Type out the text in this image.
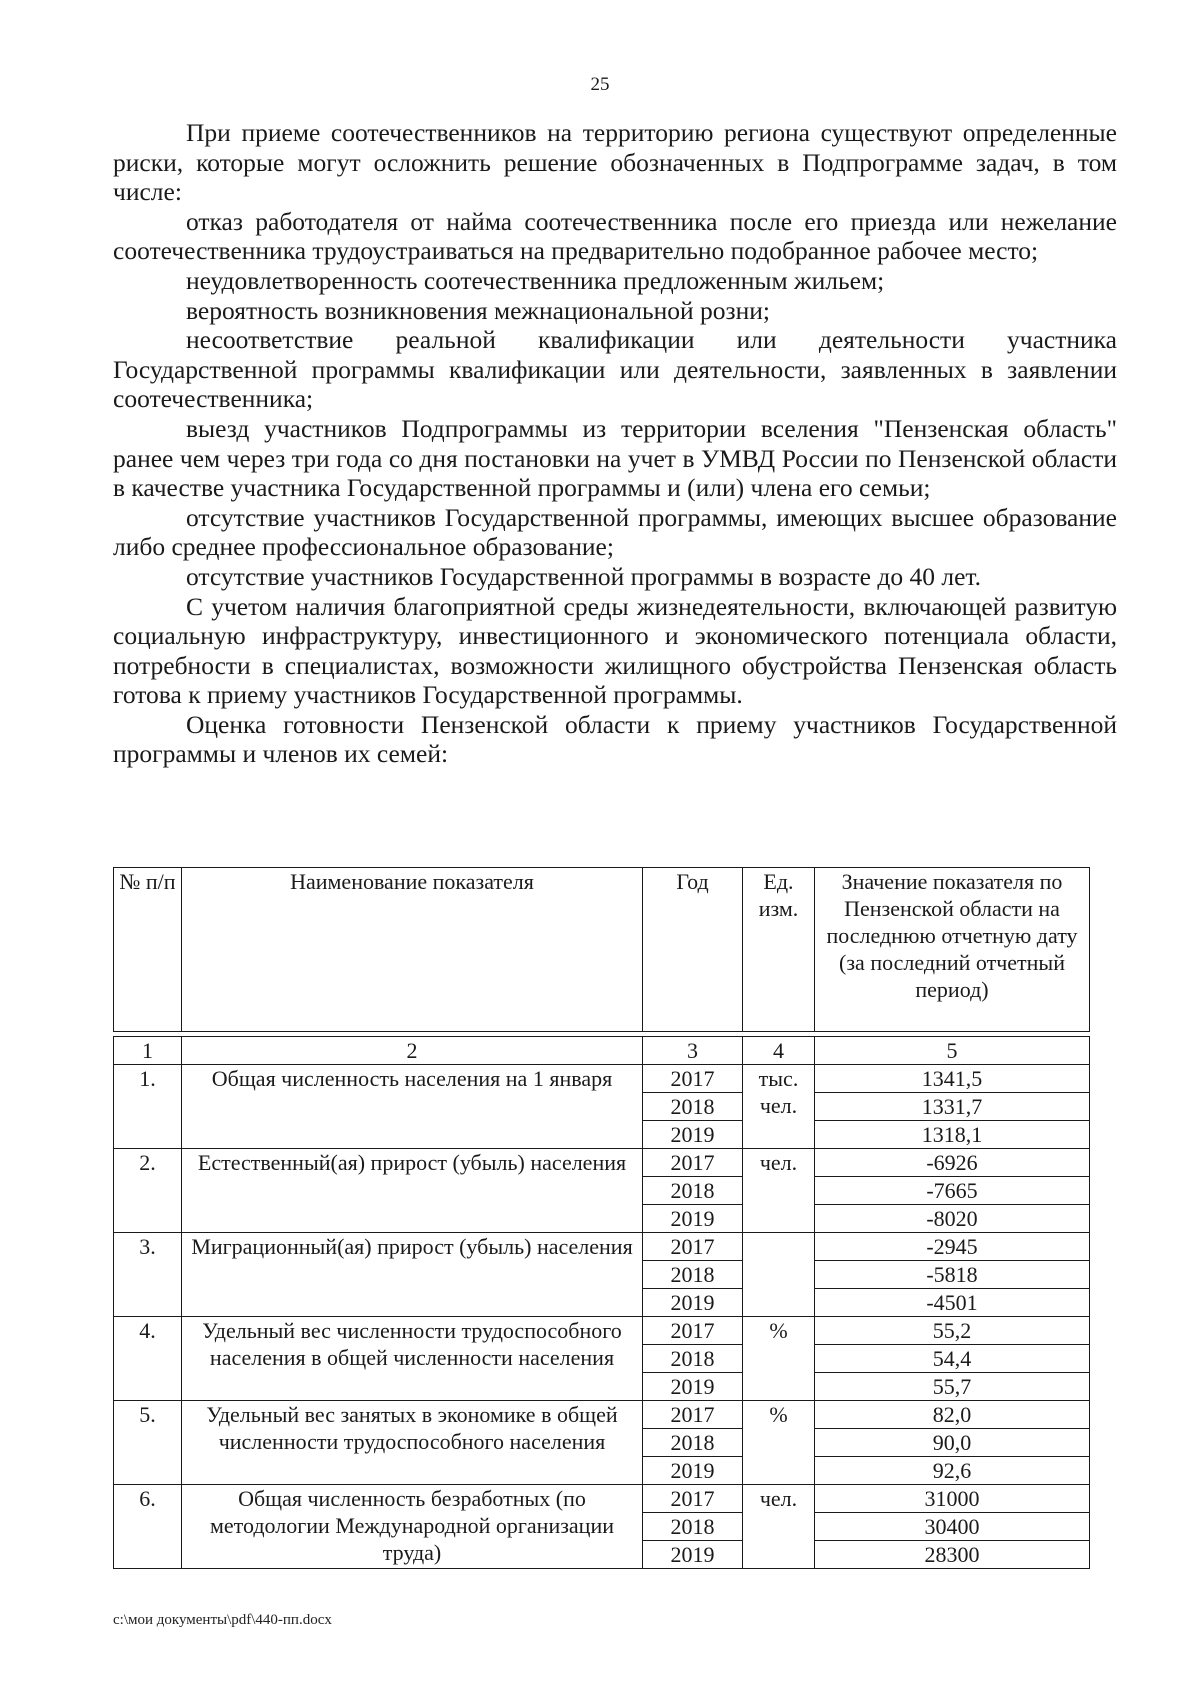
25

При приеме соотечественников на территорию региона существуют определенные риски, которые могут осложнить решение обозначенных в Подпрограмме задач, в том числе:

отказ работодателя от найма соотечественника после его приезда или нежелание соотечественника трудоустраиваться на предварительно подобранное рабочее место;

неудовлетворенность соотечественника предложенным жильем;

вероятность возникновения межнациональной розни;

несоответствие реальной квалификации или деятельности участника Государственной программы квалификации или деятельности, заявленных в заявлении соотечественника;

выезд участников Подпрограммы из территории вселения "Пензенская область" ранее чем через три года со дня постановки на учет в УМВД России по Пензенской области в качестве участника Государственной программы и (или) члена его семьи;

отсутствие участников Государственной программы, имеющих высшее образование либо среднее профессиональное образование;

отсутствие участников Государственной программы в возрасте до 40 лет.

С учетом наличия благоприятной среды жизнедеятельности, включающей развитую социальную инфраструктуру, инвестиционного и экономического потенциала области, потребности в специалистах, возможности жилищного обустройства Пензенская область готова к приему участников Государственной программы.

Оценка готовности Пензенской области к приему участников Государственной программы и членов их семей:

№ п/п	Наименование показателя	Год	Ед. изм.	Значение показателя по Пензенской области на последнюю отчетную дату (за последний отчетный период)

1	2	3	4	5
1.	Общая численность населения на 1 января	2017	тыс. чел.	1341,5
		2018		1331,7
		2019		1318,1
2.	Естественный(ая) прирост (убыль) населения	2017	чел.	-6926
		2018		-7665
		2019		-8020
3.	Миграционный(ая) прирост (убыль) населения	2017		-2945
		2018		-5818
		2019		-4501
4.	Удельный вес численности трудоспособного населения в общей численности населения	2017	%	55,2
		2018		54,4
		2019		55,7
5.	Удельный вес занятых в экономике в общей численности трудоспособного населения	2017	%	82,0
		2018		90,0
		2019		92,6
6.	Общая численность безработных (по методологии Международной организации труда)	2017	чел.	31000
		2018		30400
		2019		28300
c:\мои документы\pdf\440-пп.docx
